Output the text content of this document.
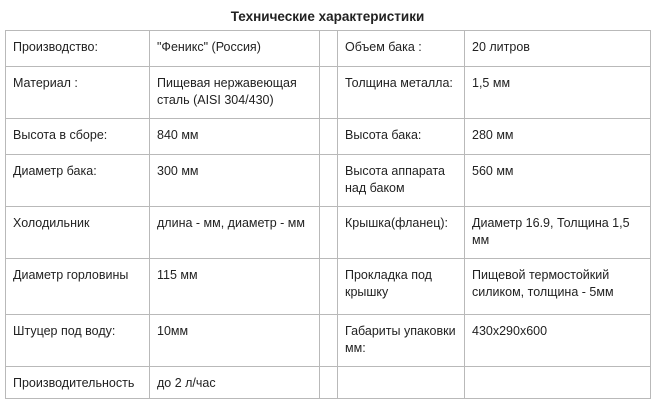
Технические характеристики
Производство:	"Феникс" (Россия)		Объем бака :	20 литров
Материал :	Пищевая нержавеющая сталь (AISI 304/430)		Толщина металла:	1,5 мм
Высота в сборе:	840 мм		Высота бака:	280 мм
Диаметр бака:	300 мм		Высота аппарата над баком	560 мм
Холодильник	длина - мм, диаметр - мм		Крышка(фланец):	Диаметр 16.9, Толщина 1,5 мм
Диаметр горловины	115 мм		Прокладка под крышку	Пищевой термостойкий силиком, толщина - 5мм
Штуцер под воду:	10мм		Габариты упаковки мм:	430x290x600
Производительность	до 2 л/час			
